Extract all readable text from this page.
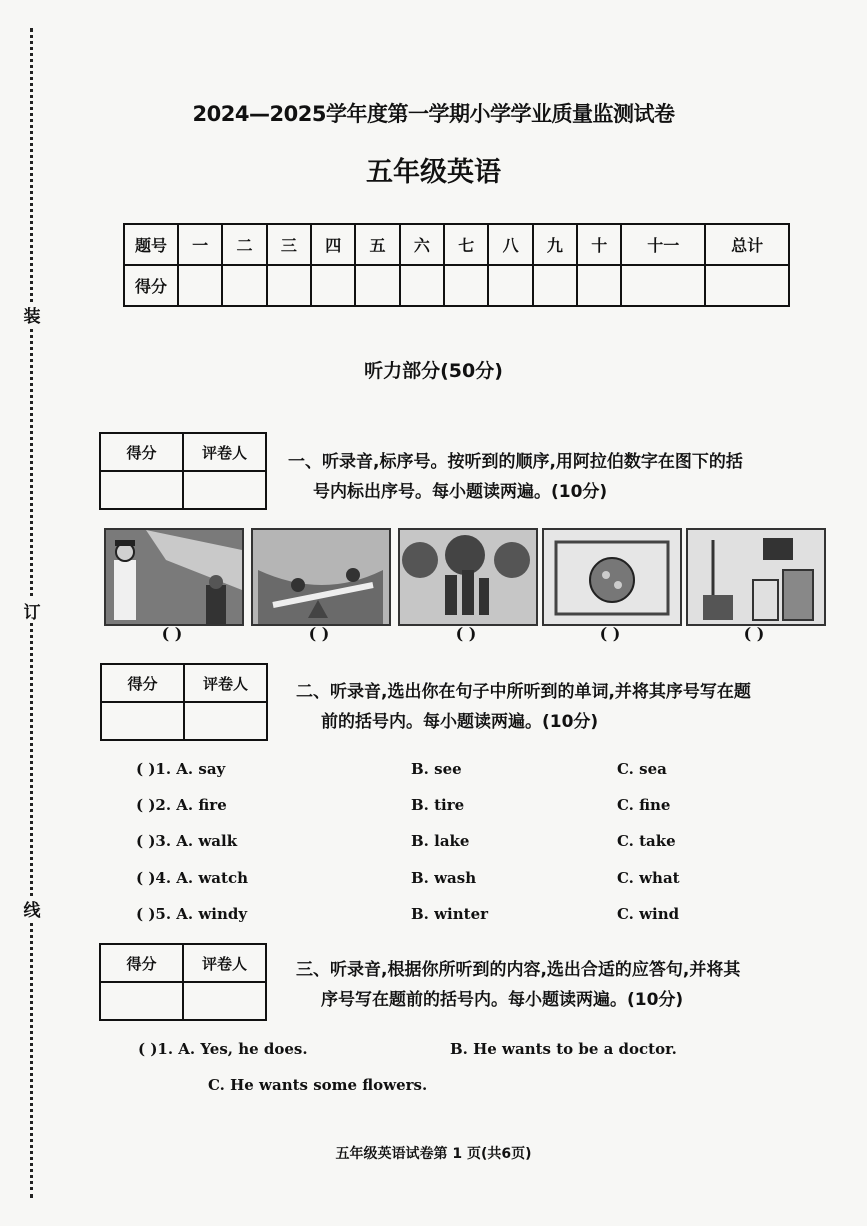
装
订
线
2024—2025学年度第一学期小学学业质量监测试卷
五年级英语
题号	一	二	三	四	五	六	七	八	九	十	十一	总计
得分												
听力部分(50分)
得分	评卷人
	一、听录音,标序号。按听到的顺序,用阿拉伯数字在图下的括
号内标出序号。每小题读两遍。(10分)
( )	( )	( )	( )	( )
得分	评卷人
		二、听录音,选出你在句子中所听到的单词,并将其序号写在题
前的括号内。每小题读两遍。(10分)
( )1. A. say	B. see	C. sea
( )2. A. fire	B. tire	C. fine
( )3. A. walk	B. lake	C. take
( )4. A. watch	B. wash	C. what
( )5. A. windy	B. winter	C. wind
得分	评卷人
		三、听录音,根据你所听到的内容,选出合适的应答句,并将其
序号写在题前的括号内。每小题读两遍。(10分)
( )1. A. Yes, he does.	B. He wants to be a doctor.
C. He wants some flowers.
五年级英语试卷第 1 页(共6页)
